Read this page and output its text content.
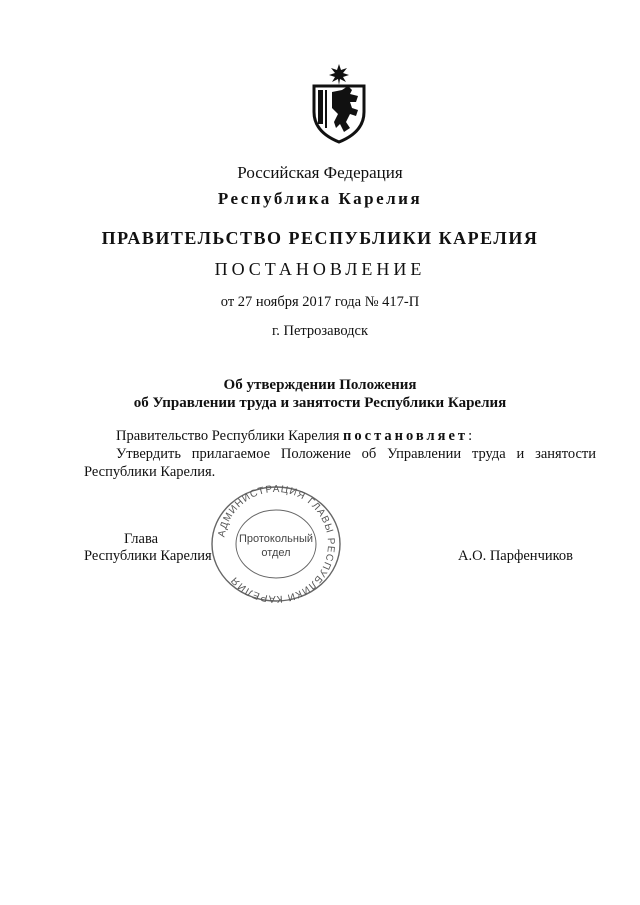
Российская Федерация
Республика Карелия
ПРАВИТЕЛЬСТВО РЕСПУБЛИКИ КАРЕЛИЯ
ПОСТАНОВЛЕНИЕ
от 27 ноября 2017 года № 417-П
г. Петрозаводск
Об утверждении Положения
об Управлении труда и занятости Республики Карелия
Правительство Республики Карелия постановляет:
Утвердить прилагаемое Положение об Управлении труда и занятости Республики Карелия.
Глава
Республики Карелия	А.О. Парфенчиков
АДМИНИСТРАЦИЯ ГЛАВЫ РЕСПУБЛИКИ КАРЕЛИЯ
Протокольный
отдел
